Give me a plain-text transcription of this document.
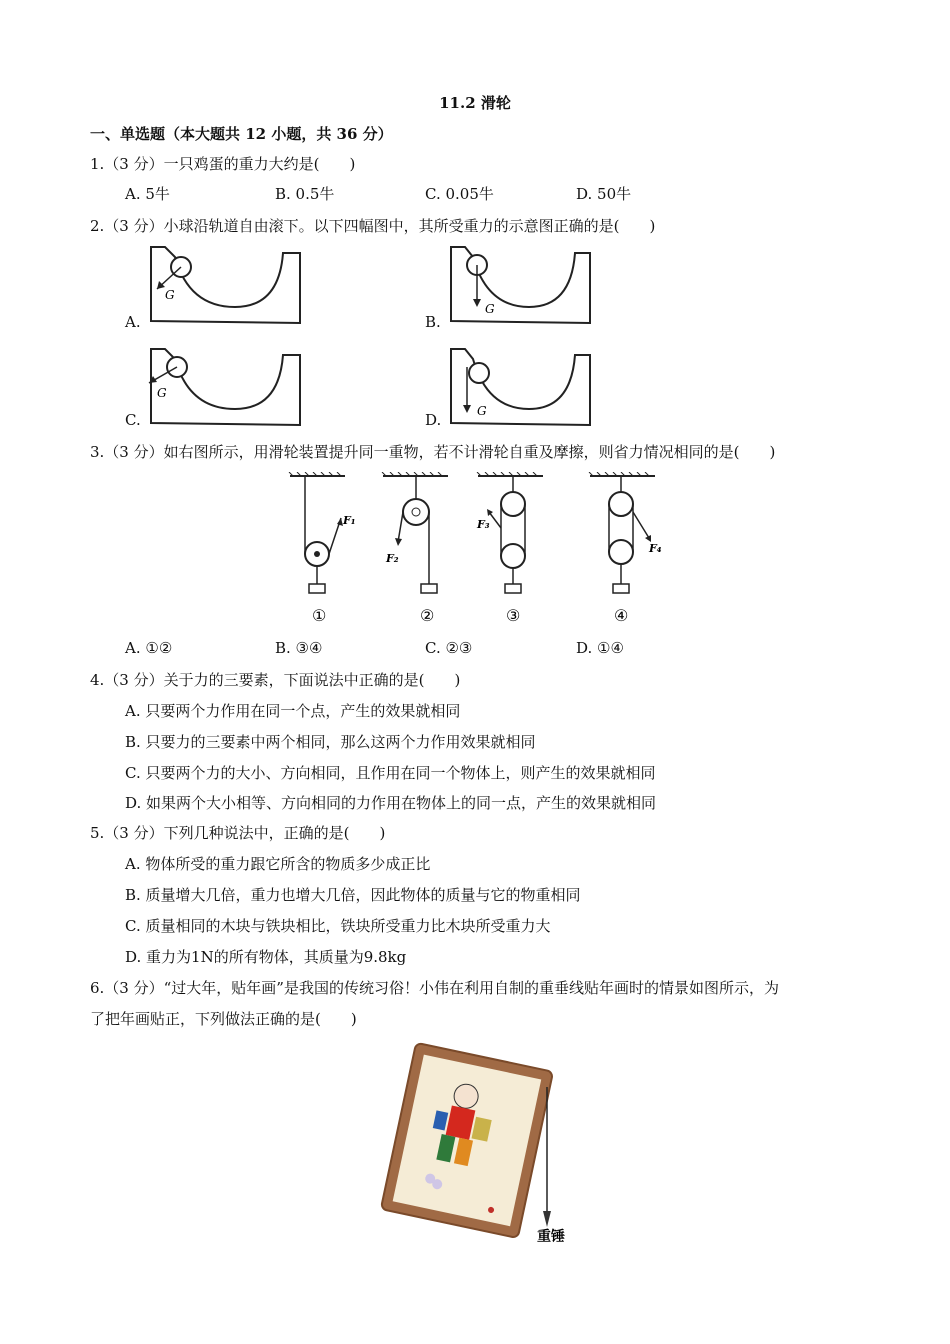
11.2 滑轮
一、单选题（本大题共 12 小题，共 36 分）
1.（3 分）一只鸡蛋的重力大约是(　　)
A. 5牛	B. 0.5牛	C. 0.05牛	D. 50牛
2.（3 分）小球沿轨道自由滚下。以下四幅图中，其所受重力的示意图正确的是(　　)
G
A.
G
B.
G
C.	G
D.
3.（3 分）如右图所示，用滑轮装置提升同一重物，若不计滑轮自重及摩擦，则省力情况相同的是(　　)
F₁
①
F₂
②
F₃
③
F₄
④
A. ①②	B. ③④	C. ②③	D. ①④
4.（3 分）关于力的三要素，下面说法中正确的是(　　)
A. 只要两个力作用在同一个点，产生的效果就相同
B. 只要力的三要素中两个相同，那么这两个力作用效果就相同
C. 只要两个力的大小、方向相同，且作用在同一个物体上，则产生的效果就相同
D. 如果两个大小相等、方向相同的力作用在物体上的同一点，产生的效果就相同
5.（3 分）下列几种说法中，正确的是(　　)
A. 物体所受的重力跟它所含的物质多少成正比
B. 质量增大几倍，重力也增大几倍，因此物体的质量与它的物重相同
C. 质量相同的木块与铁块相比，铁块所受重力比木块所受重力大
D. 重力为1N的所有物体，其质量为9.8kg
6.（3 分）“过大年，贴年画”是我国的传统习俗！小伟在利用自制的重垂线贴年画时的情景如图所示，为
了把年画贴正，下列做法正确的是(　　)
重锤
